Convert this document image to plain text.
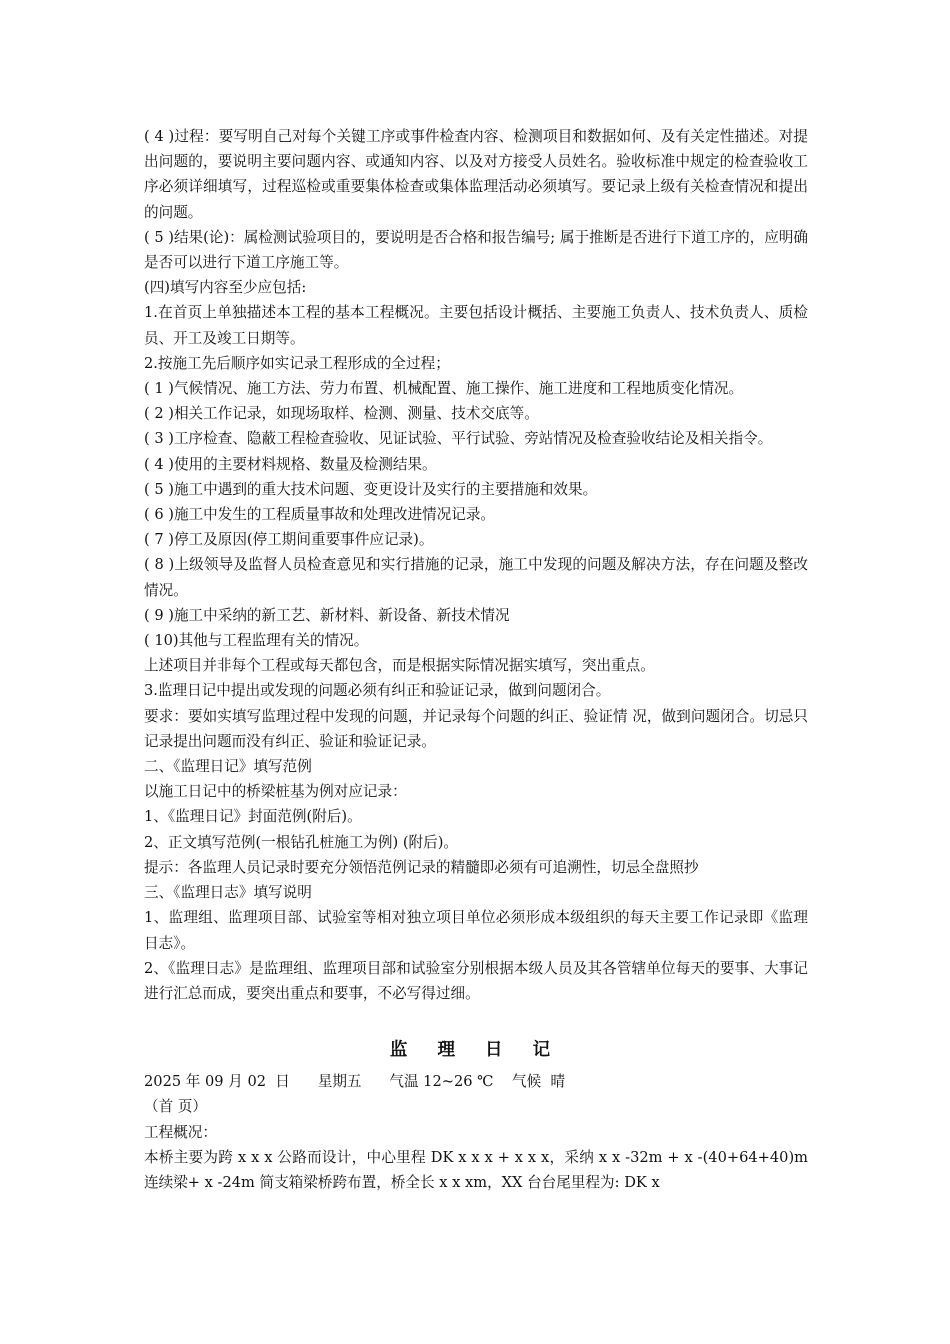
( 4 )过程：要写明自己对每个关键工序或事件检查内容、检测项目和数据如何、及有关定性描述。对提出问题的，要说明主要问题内容、或通知内容、以及对方接受人员姓名。验收标准中规定的检查验收工序必须详细填写，过程巡检或重要集体检查或集体监理活动必须填写。要记录上级有关检查情况和提出的问题。

( 5 )结果(论)：属检测试验项目的，要说明是否合格和报告编号; 属于推断是否进行下道工序的，应明确是否可以进行下道工序施工等。

(四)填写内容至少应包括:

1.在首页上单独描述本工程的基本工程概况。主要包括设计概括、主要施工负责人、技术负责人、质检员、开工及竣工日期等。

2.按施工先后顺序如实记录工程形成的全过程；

( 1 )气候情况、施工方法、劳力布置、机械配置、施工操作、施工进度和工程地质变化情况。

( 2 )相关工作记录，如现场取样、检测、测量、技术交底等。

( 3 )工序检查、隐蔽工程检查验收、见证试验、平行试验、旁站情况及检查验收结论及相关指令。

( 4 )使用的主要材料规格、数量及检测结果。

( 5 )施工中遇到的重大技术问题、变更设计及实行的主要措施和效果。

( 6 )施工中发生的工程质量事故和处理改进情况记录。

( 7 )停工及原因(停工期间重要事件应记录)。

( 8 )上级领导及监督人员检查意见和实行措施的记录，施工中发现的问题及解决方法，存在问题及整改情况。

( 9 )施工中采纳的新工艺、新材料、新设备、新技术情况

( 10)其他与工程监理有关的情况。

上述项目并非每个工程或每天都包含，而是根据实际情况据实填写，突出重点。

3.监理日记中提出或发现的问题必须有纠正和验证记录，做到问题闭合。

要求：要如实填写监理过程中发现的问题，并记录每个问题的纠正、验证情 况，做到问题闭合。切忌只记录提出问题而没有纠正、验证和验证记录。

二、《监理日记》填写范例

以施工日记中的桥梁桩基为例对应记录：

1、《监理日记》封面范例(附后)。

2、正文填写范例(一根钻孔桩施工为例) (附后)。

提示：各监理人员记录时要充分领悟范例记录的精髓即必须有可追溯性，切忌全盘照抄

三、《监理日志》填写说明

1、监理组、监理项目部、试验室等相对独立项目单位必须形成本级组织的每天主要工作记录即《监理日志》。

2、《监理日志》是监理组、监理项目部和试验室分别根据本级人员及其各管辖单位每天的要事、大事记进行汇总而成，要突出重点和要事，不必写得过细。

监 理 日 记

2025 年 09 月 02  日      星期五      气温 12~26 ℃    气候  晴

（首 页）

工程概况：

本桥主要为跨 x x x 公路而设计，中心里程 DK x x x + x x x，采纳 x x -32m + x -(40+64+40)m 连续梁+ x -24m 简支箱梁桥跨布置，桥全长 x x xm，XX 台台尾里程为: DK x
